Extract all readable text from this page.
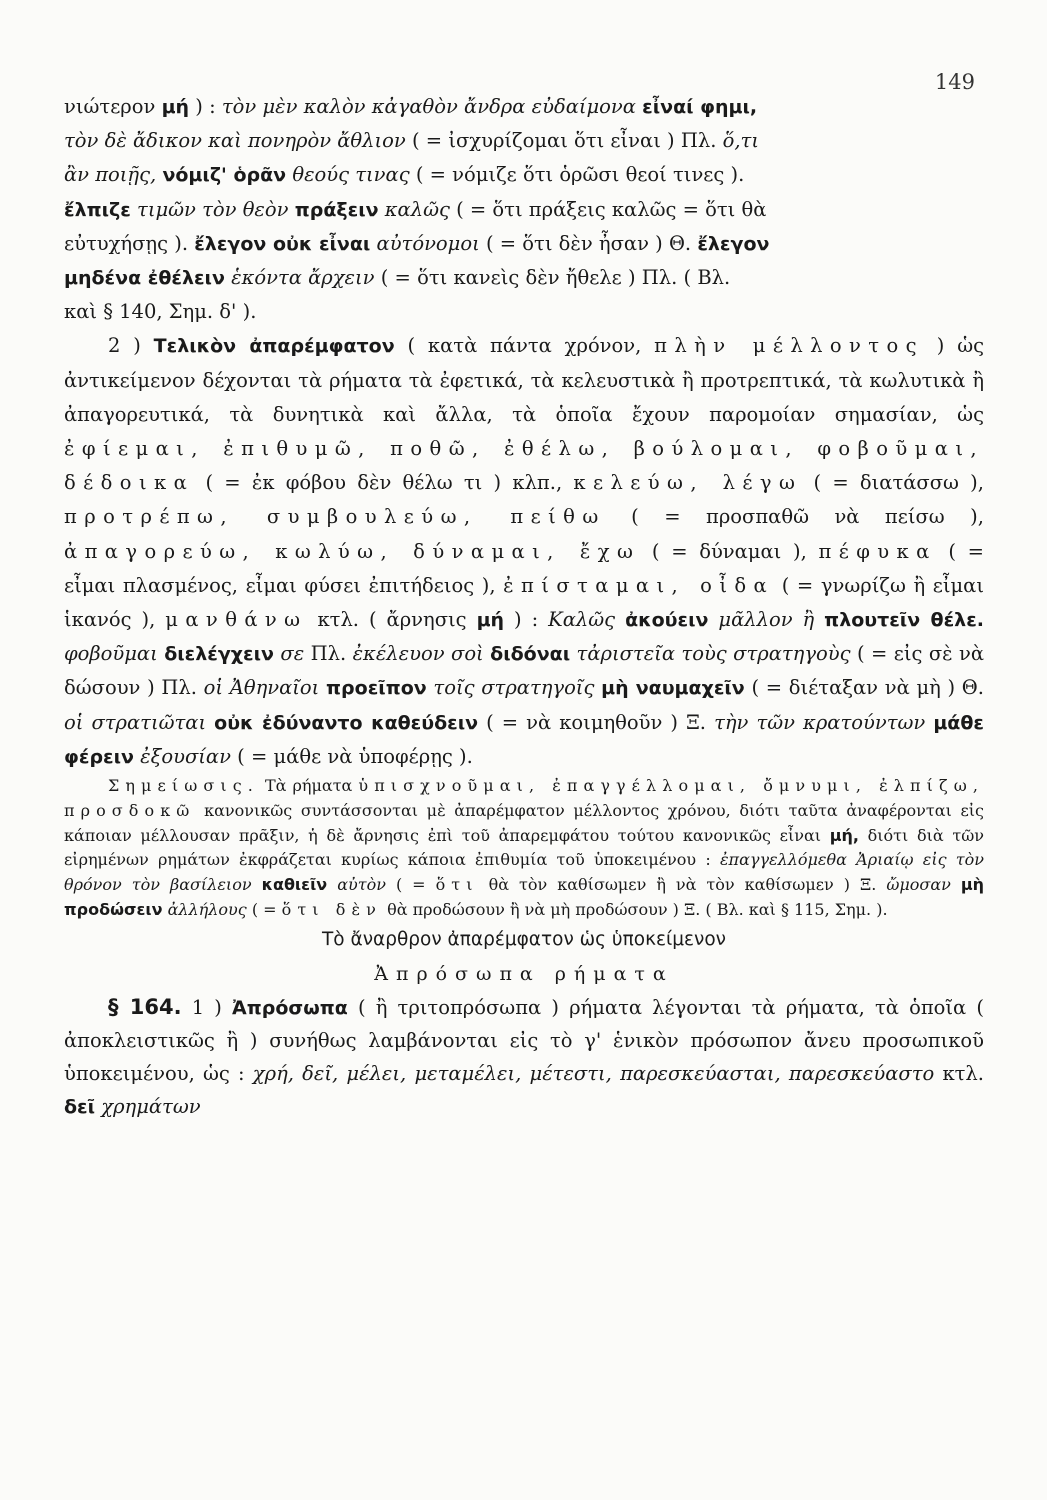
149

νιώτερον μή ) : τὸν μὲν καλὸν κἀγαθὸν ἄνδρα εὐδαίμονα εἶναί φημι,
τὸν δὲ ἄδικον καὶ πονηρὸν ἄθλιον ( = ἰσχυρίζομαι ὅτι εἶναι ) Πλ. ὅ,τι
ἂν ποιῇς, νόμιζ' ὁρᾶν θεούς τινας ( = νόμιζε ὅτι ὁρῶσι θεοί τινες ).
ἔλπιζε τιμῶν τὸν θεὸν πράξειν καλῶς ( = ὅτι πράξεις καλῶς = ὅτι θὰ
εὐτυχήσῃς ). ἔλεγον οὐκ εἶναι αὐτόνομοι ( = ὅτι δὲν ἦσαν ) Θ. ἔλεγον
μηδένα ἐθέλειν ἑκόντα ἄρχειν ( = ὅτι κανεὶς δὲν ἤθελε ) Πλ. ( Βλ.
καὶ § 140, Σημ. δ' ).

2 ) Τελικὸν ἀπαρέμφατον ( κατὰ πάντα χρόνον, πλὴν μέλλοντος ) ὡς ἀντικείμενον δέχονται τὰ ρήματα τὰ ἐφετικά, τὰ κελευστικὰ ἢ προτρεπτικά, τὰ κωλυτικὰ ἢ ἀπαγορευτικά, τὰ δυνητικὰ καὶ ἄλλα, τὰ ὁποῖα ἔχουν παρομοίαν σημασίαν, ὡς ἐφίεμαι, ἐπιθυμῶ, ποθῶ, ἐθέλω, βούλομαι, φοβοῦμαι, δέδοικα ( = ἐκ φόβου δὲν θέλω τι ) κλπ., κελεύω, λέγω ( = διατάσσω ), προτρέπω, συμβουλεύω, πείθω ( = προσπαθῶ νὰ πείσω ), ἀπαγορεύω, κωλύω, δύναμαι, ἔχω ( = δύναμαι ), πέφυκα ( = εἶμαι πλασμένος, εἶμαι φύσει ἐπιτήδειος ), ἐπίσταμαι, οἶδα ( = γνωρίζω ἢ εἶμαι ἱκανός ), μανθάνω κτλ. ( ἄρνησις μή ) : Καλῶς ἀκούειν μᾶλλον ἢ πλουτεῖν θέλε. φοβοῦμαι διελέγχειν σε Πλ. ἐκέλευον σοὶ διδόναι τἀριστεῖα τοὺς στρατηγοὺς ( = εἰς σὲ νὰ δώσουν ) Πλ. οἱ Ἀθηναῖοι προεῖπον τοῖς στρατηγοῖς μὴ ναυμαχεῖν ( = διέταξαν νὰ μὴ ) Θ. οἱ στρατιῶται οὐκ ἐδύναντο καθεύδειν ( = νὰ κοιμηθοῦν ) Ξ. τὴν τῶν κρατούντων μάθε φέρειν ἐξουσίαν ( = μάθε νὰ ὑποφέρῃς ).

Σημείωσις. Τὰ ρήματα ὑπισχνοῦμαι, ἐπαγγέλλομαι, ὄμνυμι, ἐλπίζω, προσδοκῶ κανονικῶς συντάσσονται μὲ ἀπαρέμφατον μέλλοντος χρόνου, διότι ταῦτα ἀναφέρονται εἰς κάποιαν μέλλουσαν πρᾶξιν, ἡ δὲ ἄρνησις ἐπὶ τοῦ ἀπαρεμφάτου τούτου κανονικῶς εἶναι μή, διότι διὰ τῶν εἰρημένων ρημάτων ἐκφράζεται κυρίως κάποια ἐπιθυμία τοῦ ὑποκειμένου : ἐπαγγελλόμεθα Ἀριαίῳ εἰς τὸν θρόνον τὸν βασίλειον καθιεῖν αὐτὸν ( = ὅτι θὰ τὸν καθίσωμεν ἢ νὰ τὸν καθίσωμεν ) Ξ. ὤμοσαν μὴ προδώσειν ἀλλήλους ( = ὅτι δὲν θὰ προδώσουν ἢ νὰ μὴ προδώσουν ) Ξ. ( Βλ. καὶ § 115, Σημ. ).

Τὸ ἄναρθρον ἀπαρέμφατον ὡς ὑποκείμενον

Ἀπρόσωπα ρήματα

§ 164. 1 ) Ἀπρόσωπα ( ἢ τριτοπρόσωπα ) ρήματα λέγονται τὰ ρήματα, τὰ ὁποῖα ( ἀποκλειστικῶς ἢ ) συνήθως λαμβάνονται εἰς τὸ γ' ἑνικὸν πρόσωπον ἄνευ προσωπικοῦ ὑποκειμένου, ὡς : χρή, δεῖ, μέλει, μεταμέλει, μέτεστι, παρεσκεύασται, παρεσκεύαστο κτλ. δεῖ χρημάτων
